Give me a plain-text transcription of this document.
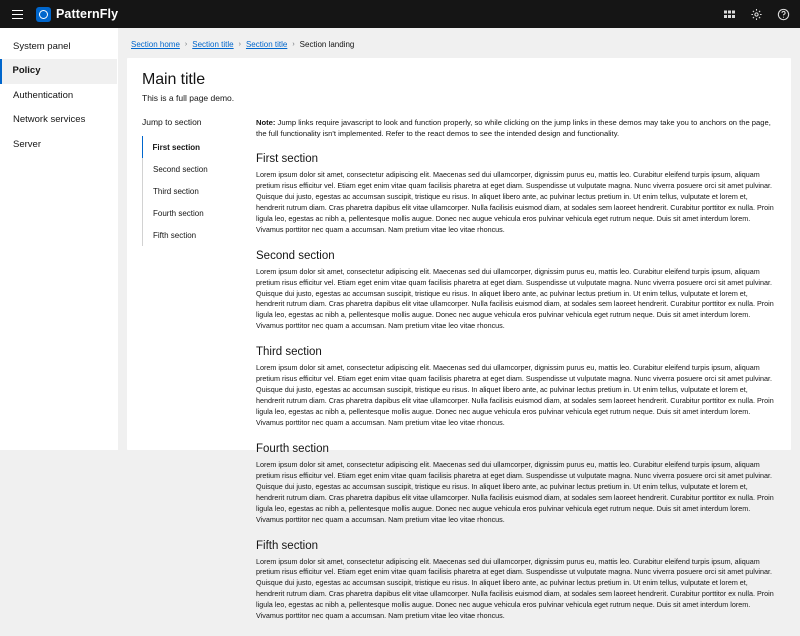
PatternFly
System panel
Policy
Authentication
Network services
Server
Section home › Section title › Section title › Section landing
Main title

This is a full page demo.

Jump to section
First section
Second section
Third section
Fourth section
Fifth section
Note: Jump links require javascript to look and function properly, so while clicking on the jump links in these demos may take you to anchors on the page, the full functionality isn't implemented. Refer to the react demos to see the intended design and functionality.
First section

Lorem ipsum dolor sit amet, consectetur adipiscing elit. Maecenas sed dui ullamcorper, dignissim purus eu, mattis leo. Curabitur eleifend turpis ipsum, aliquam pretium risus efficitur vel. Etiam eget enim vitae quam facilisis pharetra at eget diam. Suspendisse ut vulputate magna. Nunc viverra posuere orci sit amet pulvinar. Quisque dui justo, egestas ac accumsan suscipit, tristique eu risus. In aliquet libero ante, ac pulvinar lectus pretium in. Ut enim tellus, vulputate et lorem et, hendrerit rutrum diam. Cras pharetra dapibus elit vitae ullamcorper. Nulla facilisis euismod diam, at sodales sem laoreet hendrerit. Curabitur porttitor ex nulla. Proin ligula leo, egestas ac nibh a, pellentesque mollis augue. Donec nec augue vehicula eros pulvinar vehicula eget rutrum neque. Duis sit amet interdum lorem. Vivamus porttitor nec quam a accumsan. Nam pretium vitae leo vitae rhoncus.

Second section

Lorem ipsum dolor sit amet, consectetur adipiscing elit. Maecenas sed dui ullamcorper, dignissim purus eu, mattis leo. Curabitur eleifend turpis ipsum, aliquam pretium risus efficitur vel. Etiam eget enim vitae quam facilisis pharetra at eget diam. Suspendisse ut vulputate magna. Nunc viverra posuere orci sit amet pulvinar. Quisque dui justo, egestas ac accumsan suscipit, tristique eu risus. In aliquet libero ante, ac pulvinar lectus pretium in. Ut enim tellus, vulputate et lorem et, hendrerit rutrum diam. Cras pharetra dapibus elit vitae ullamcorper. Nulla facilisis euismod diam, at sodales sem laoreet hendrerit. Curabitur porttitor ex nulla. Proin ligula leo, egestas ac nibh a, pellentesque mollis augue. Donec nec augue vehicula eros pulvinar vehicula eget rutrum neque. Duis sit amet interdum lorem. Vivamus porttitor nec quam a accumsan. Nam pretium vitae leo vitae rhoncus.

Third section

Lorem ipsum dolor sit amet, consectetur adipiscing elit. Maecenas sed dui ullamcorper, dignissim purus eu, mattis leo. Curabitur eleifend turpis ipsum, aliquam pretium risus efficitur vel. Etiam eget enim vitae quam facilisis pharetra at eget diam. Suspendisse ut vulputate magna. Nunc viverra posuere orci sit amet pulvinar. Quisque dui justo, egestas ac accumsan suscipit, tristique eu risus. In aliquet libero ante, ac pulvinar lectus pretium in. Ut enim tellus, vulputate et lorem et, hendrerit rutrum diam. Cras pharetra dapibus elit vitae ullamcorper. Nulla facilisis euismod diam, at sodales sem laoreet hendrerit. Curabitur porttitor ex nulla. Proin ligula leo, egestas ac nibh a, pellentesque mollis augue. Donec nec augue vehicula eros pulvinar vehicula eget rutrum neque. Duis sit amet interdum lorem. Vivamus porttitor nec quam a accumsan. Nam pretium vitae leo vitae rhoncus.

Fourth section

Lorem ipsum dolor sit amet, consectetur adipiscing elit. Maecenas sed dui ullamcorper, dignissim purus eu, mattis leo. Curabitur eleifend turpis ipsum, aliquam pretium risus efficitur vel. Etiam eget enim vitae quam facilisis pharetra at eget diam. Suspendisse ut vulputate magna. Nunc viverra posuere orci sit amet pulvinar. Quisque dui justo, egestas ac accumsan suscipit, tristique eu risus. In aliquet libero ante, ac pulvinar lectus pretium in. Ut enim tellus, vulputate et lorem et, hendrerit rutrum diam. Cras pharetra dapibus elit vitae ullamcorper. Nulla facilisis euismod diam, at sodales sem laoreet hendrerit. Curabitur porttitor ex nulla. Proin ligula leo, egestas ac nibh a, pellentesque mollis augue. Donec nec augue vehicula eros pulvinar vehicula eget rutrum neque. Duis sit amet interdum lorem. Vivamus porttitor nec quam a accumsan. Nam pretium vitae leo vitae rhoncus.

Fifth section

Lorem ipsum dolor sit amet, consectetur adipiscing elit. Maecenas sed dui ullamcorper, dignissim purus eu, mattis leo. Curabitur eleifend turpis ipsum, aliquam pretium risus efficitur vel. Etiam eget enim vitae quam facilisis pharetra at eget diam. Suspendisse ut vulputate magna. Nunc viverra posuere orci sit amet pulvinar. Quisque dui justo, egestas ac accumsan suscipit, tristique eu risus. In aliquet libero ante, ac pulvinar lectus pretium in. Ut enim tellus, vulputate et lorem et, hendrerit rutrum diam. Cras pharetra dapibus elit vitae ullamcorper. Nulla facilisis euismod diam, at sodales sem laoreet hendrerit. Curabitur porttitor ex nulla. Proin ligula leo, egestas ac nibh a, pellentesque mollis augue. Donec nec augue vehicula eros pulvinar vehicula eget rutrum neque. Duis sit amet interdum lorem. Vivamus porttitor nec quam a accumsan. Nam pretium vitae leo vitae rhoncus.
